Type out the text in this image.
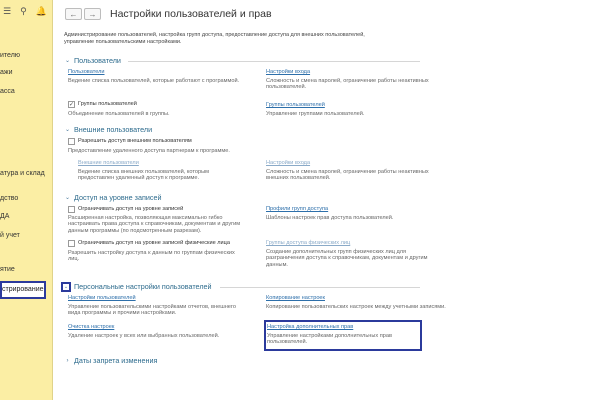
☰ ⚲ 🔔
ителю
ажи
асса
атура и склад
дство
ДА
й учет
ятие
стрирование
← → Настройки пользователей и прав
Администрирование пользователей, настройка групп доступа, предоставление доступа для внешних пользователей, управление пользовательскими настройками.
⌄ Пользователи
Пользователи
Ведение списка пользователей, которые работают с программой.
✓ Группы пользователей
Объединение пользователей в группы.
Настройки входа
Сложность и смена паролей, ограничение работы неактивных пользователей.
Группы пользователей
Управление группами пользователей.
⌄ Внешние пользователи
Разрешить доступ внешним пользователям
Предоставление удаленного доступа партнерам к программе.
Внешние пользователи
Ведение списка внешних пользователей, которым предоставлен удаленный доступ к программе.
Настройки входа
Сложность и смена паролей, ограничение работы неактивных внешних пользователей.
⌄ Доступ на уровне записей
Ограничивать доступ на уровне записей
Расширенная настройка, позволяющая максимально гибко настраивать права доступа к справочникам, документам и другим данным программы (по подсмотренным разрезам).
Ограничивать доступ на уровне записей физические лица
Разрешить настройку доступа к данным по группам физических лиц.
Профили групп доступа
Шаблоны настроек прав доступа пользователей.
Группы доступа физических лиц
Создание дополнительных групп физических лиц для разграничения доступа к справочникам, документам и другим данным.
⌄ Персональные настройки пользователей
Настройки пользователей
Управление пользовательскими настройками отчетов, внешнего вида программы и прочими настройками.
Очистка настроек
Удаление настроек у всех или выбранных пользователей.
Копирование настроек
Копирование пользовательских настроек между учетными записями.
Настройка дополнительных прав
Управление настройками дополнительных прав пользователей.
› Даты запрета изменения
